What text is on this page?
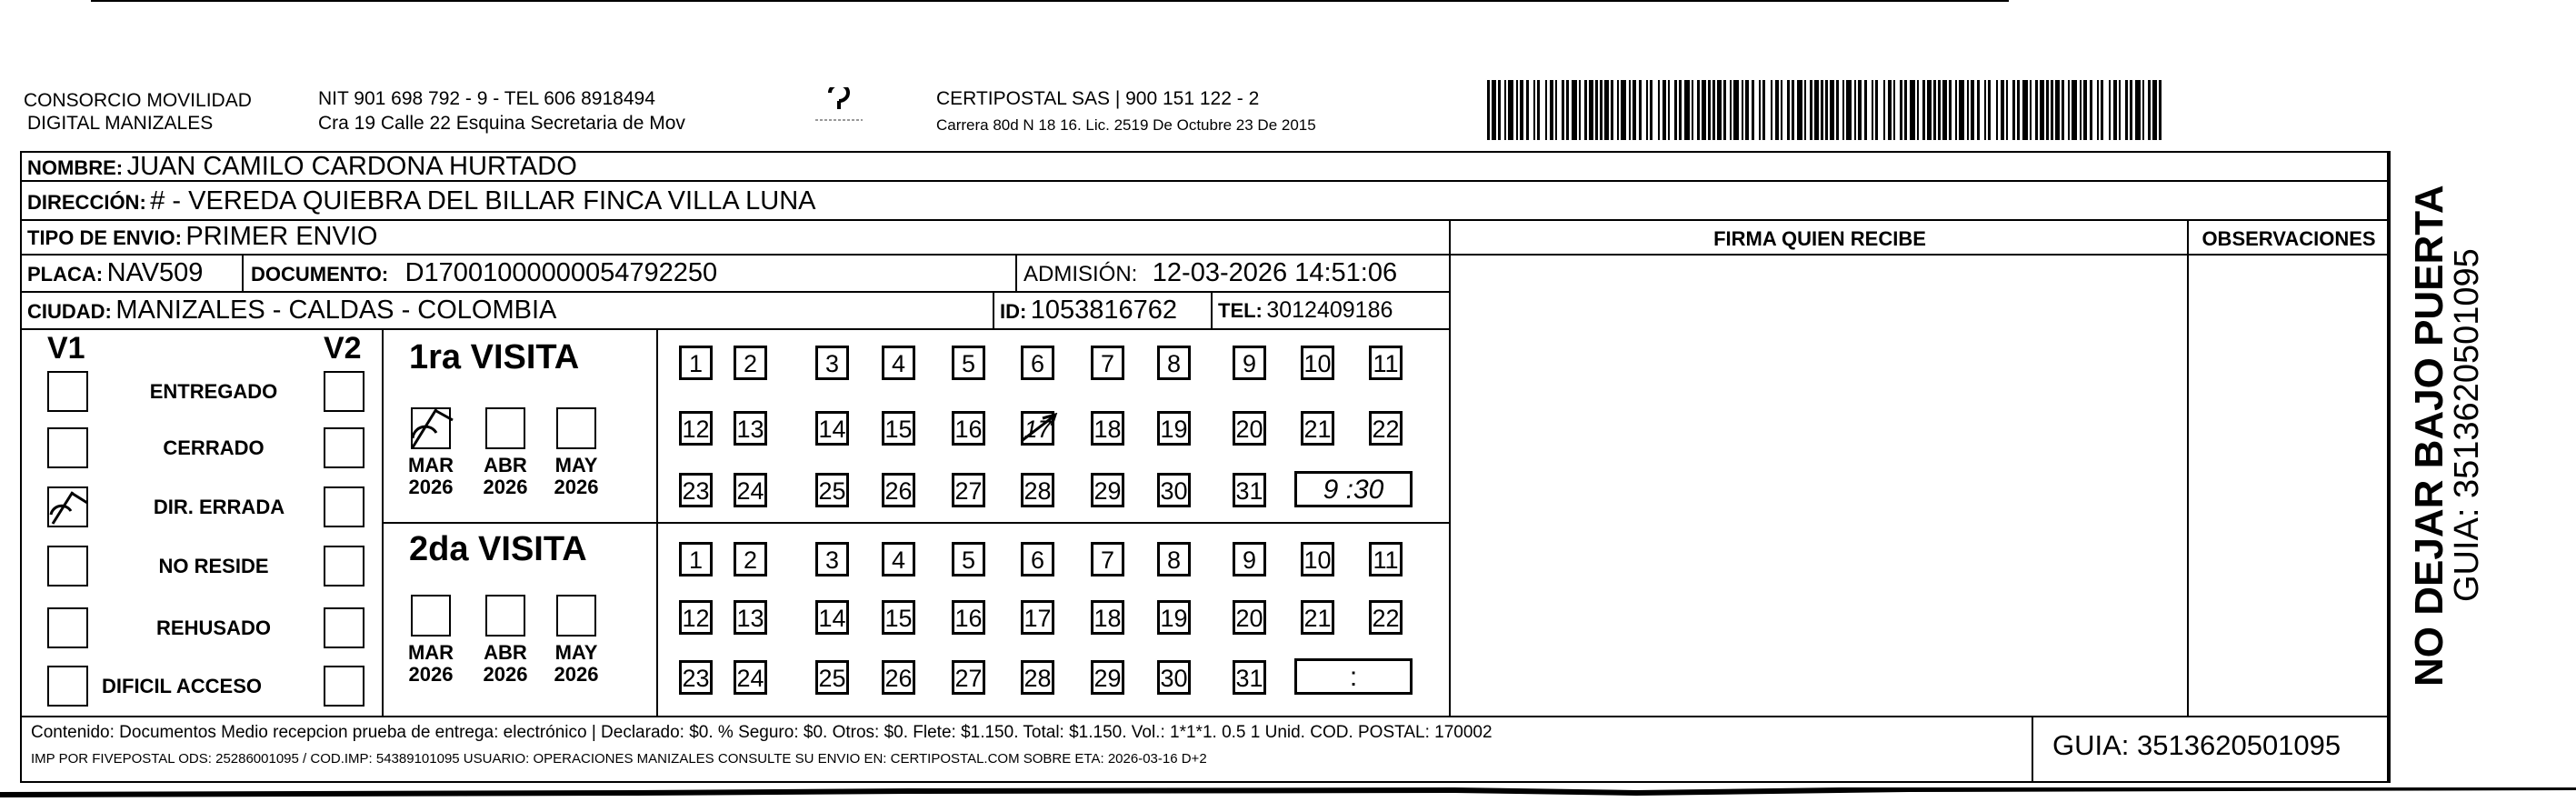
CONSORCIO MOVILIDAD
DIGITAL MANIZALES
NIT 901 698 792 - 9 - TEL 606 8918494
Cra 19 Calle 22 Esquina Secretaria de Mov
CERTIPOSTAL SAS | 900 151 122 - 2
Carrera 80d N 18 16. Lic. 2519 De Octubre 23 De 2015
NOMBRE: JUAN CAMILO CARDONA HURTADO
DIRECCIÓN: # - VEREDA QUIEBRA DEL BILLAR FINCA VILLA LUNA
TIPO DE ENVIO: PRIMER ENVIO	FIRMA QUIEN RECIBE	OBSERVACIONES
PLACA: NAV509 DOCUMENTO: D17001000000054792250	ADMISIÓN: 12-03-2026 14:51:06
CIUDAD: MANIZALES - CALDAS - COLOMBIA	ID: 1053816762 TEL: 3012409186
V1	V2
ENTREGADO
CERRADO
DIR. ERRADA
NO RESIDE
REHUSADO
DIFICIL ACCESO
1ra VISITA
MAR
2026
ABR
2026
MAY
2026
1	2	3	4	5	6	7	8	9	10 11
12 13 14 15 16 17 18 19 20 21 22
23 24 25 26 27 28 29 30 31	9 :30
2da VISITA
MAR
2026
ABR
2026
MAY
2026
1	2	3	4	5	6	7	8	9	10 11
12 13 14 15 16 17 18 19 20 21 22
23 24 25 26 27 28 29 30 31	:
Contenido: Documentos Medio recepcion prueba de entrega: electrónico | Declarado: $0. % Seguro: $0. Otros: $0. Flete: $1.150. Total: $1.150. Vol.: 1*1*1. 0.5 1 Unid. COD. POSTAL: 170002
IMP POR FIVEPOSTAL ODS: 25286001095 / COD.IMP: 54389101095 USUARIO: OPERACIONES MANIZALES CONSULTE SU ENVIO EN: CERTIPOSTAL.COM SOBRE ETA: 2026-03-16 D+2	GUIA: 3513620501095
NO DEJAR BAJO PUERTA
GUIA: 3513620501095
